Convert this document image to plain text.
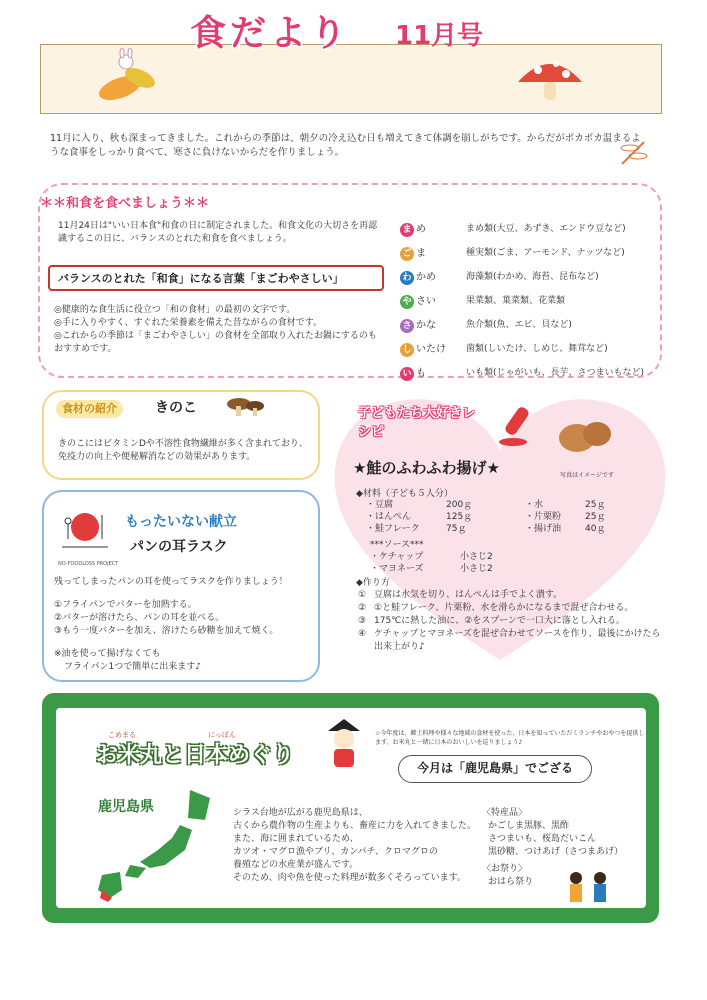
食だより 11月号
11月に入り、秋も深まってきました。これからの季節は、朝夕の冷え込む日も増えてきて体調を崩しがちです。からだがポカポカ温まるような食事をしっかり食べて、寒さに負けないからだを作りましょう。
＊＊和食を食べましょう＊＊
11月24日は"いい日本食"和食の日に制定されました。和食文化の大切さを再認識するこの日に、バランスのとれた和食を食べましょう。
バランスのとれた「和食」になる言葉「まごわやさしい」
◎健康的な食生活に役立つ「和の食材」の最初の文字です。
◎手に入りやすく、すぐれた栄養素を備えた昔ながらの食材です。
◎これからの季節は「まごわやさしい」の食材を全部取り入れたお鍋にするのもおすすめです。
ま め	まめ類(大豆、あずき、エンドウ豆など)
ご ま	種実類(ごま、アーモンド、ナッツなど)
わ かめ	海藻類(わかめ、海苔、昆布など)
や さい	果菜類、葉菜類、花菜類
さ かな	魚介類(魚、エビ、貝など)
し いたけ	菌類(しいたけ、しめじ、舞茸など)
い も	いも類(じゃがいも、長芋、さつまいもなど)
食材の紹介	きのこ
きのこにはビタミンDや不溶性食物繊維が多く含まれており、免疫力の向上や便秘解消などの効果があります。
NO-FOODLOSS PROJECT
もったいない献立
パンの耳ラスク
残ってしまったパンの耳を使ってラスクを作りましょう！
①フライパンでバターを加熱する。
②バターが溶けたら、パンの耳を並べる。
③もう一度バターを加え、溶けたら砂糖を加えて焼く。
※油を使って揚げなくても
フライパン1つで簡単に出来ます♪
子どもたち大好きレシピ
★鮭のふわふわ揚げ★	写真はイメージです
◆材料（子ども５人分）
・豆腐	200ｇ
・はんぺん	125ｇ
・鮭フレーク	75ｇ
・水	25ｇ
・片栗粉	25ｇ
・揚げ油	40ｇ
***ソース***
・ケチャップ	小さじ2
・マヨネーズ	小さじ2
◆作り方
① 豆腐は水気を切り、はんぺんは手でよく潰す。
② ①と鮭フレーク、片栗粉、水を滑らかになるまで混ぜ合わせる。
③ 175℃に熱した油に、②をスプーンで一口大に落とし入れる。
④ ケチャップとマヨネーズを混ぜ合わせてソースを作り、最後にかけたら出来上がり♪
こめまる	にっぽん
お米丸と日本めぐり
☆今年度は、郷土料理や様々な地域の食材を使った、日本を知っていただくランチやおやつを提供します。お米丸と一緒に日本のおいしいを巡りましょう♪
今月は「鹿児島県」でござる
鹿児島県	シラス台地が広がる鹿児島県は、
古くから農作物の生産よりも、畜産に力を入れてきました。
また、海に囲まれているため、
カツオ・マグロ漁やブリ、カンパチ、クロマグロの
養殖などの水産業が盛んです。
そのため、肉や魚を使った料理が数多くそろっています。
〈特産品〉
かごしま黒豚、黒酢
さつまいも、桜島だいこん
黒砂糖、つけあげ（さつまあげ）
〈お祭り〉
おはら祭り
